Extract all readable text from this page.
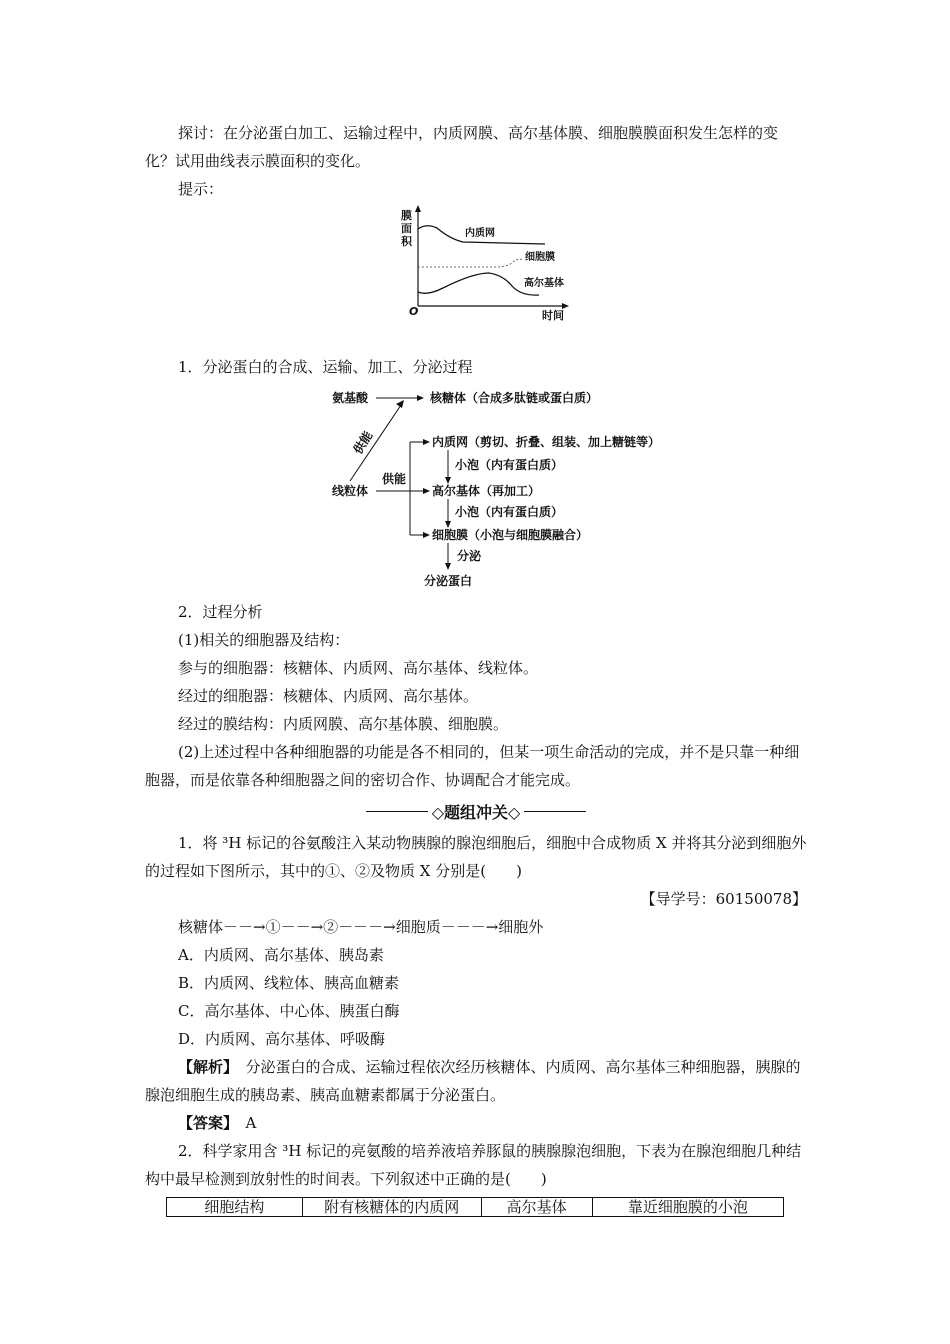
探讨：在分泌蛋白加工、运输过程中，内质网膜、高尔基体膜、细胞膜膜面积发生怎样的变化？试用曲线表示膜面积的变化。

提示：

膜
面
积
O	时间
内质网
细胞膜
高尔基体

1．分泌蛋白的合成、运输、加工、分泌过程

氨基酸	核糖体（合成多肽链或蛋白质）
供能
线粒体
供能
内质网（剪切、折叠、组装、加上糖链等）
小泡（内有蛋白质）
高尔基体（再加工）
小泡（内有蛋白质）
细胞膜（小泡与细胞膜融合）
分泌
分泌蛋白

2．过程分析

(1)相关的细胞器及结构：

参与的细胞器：核糖体、内质网、高尔基体、线粒体。

经过的细胞器：核糖体、内质网、高尔基体。

经过的膜结构：内质网膜、高尔基体膜、细胞膜。

(2)上述过程中各种细胞器的功能是各不相同的，但某一项生命活动的完成，并不是只靠一种细胞器，而是依靠各种细胞器之间的密切合作、协调配合才能完成。

◇题组冲关◇

1．将 ³H 标记的谷氨酸注入某动物胰腺的腺泡细胞后，细胞中合成物质 X 并将其分泌到细胞外的过程如下图所示，其中的①、②及物质 X 分别是(　　)

【导学号：60150078】

核糖体－－→①－－→②－－－→细胞质－－－→细胞外

A．内质网、高尔基体、胰岛素

B．内质网、线粒体、胰高血糖素

C．高尔基体、中心体、胰蛋白酶

D．内质网、高尔基体、呼吸酶

【解析】　分泌蛋白的合成、运输过程依次经历核糖体、内质网、高尔基体三种细胞器，胰腺的腺泡细胞生成的胰岛素、胰高血糖素都属于分泌蛋白。

【答案】　A

2．科学家用含 ³H 标记的亮氨酸的培养液培养豚鼠的胰腺腺泡细胞，下表为在腺泡细胞几种结构中最早检测到放射性的时间表。下列叙述中正确的是(　　)

细胞结构	附有核糖体的内质网	高尔基体	靠近细胞膜的小泡
